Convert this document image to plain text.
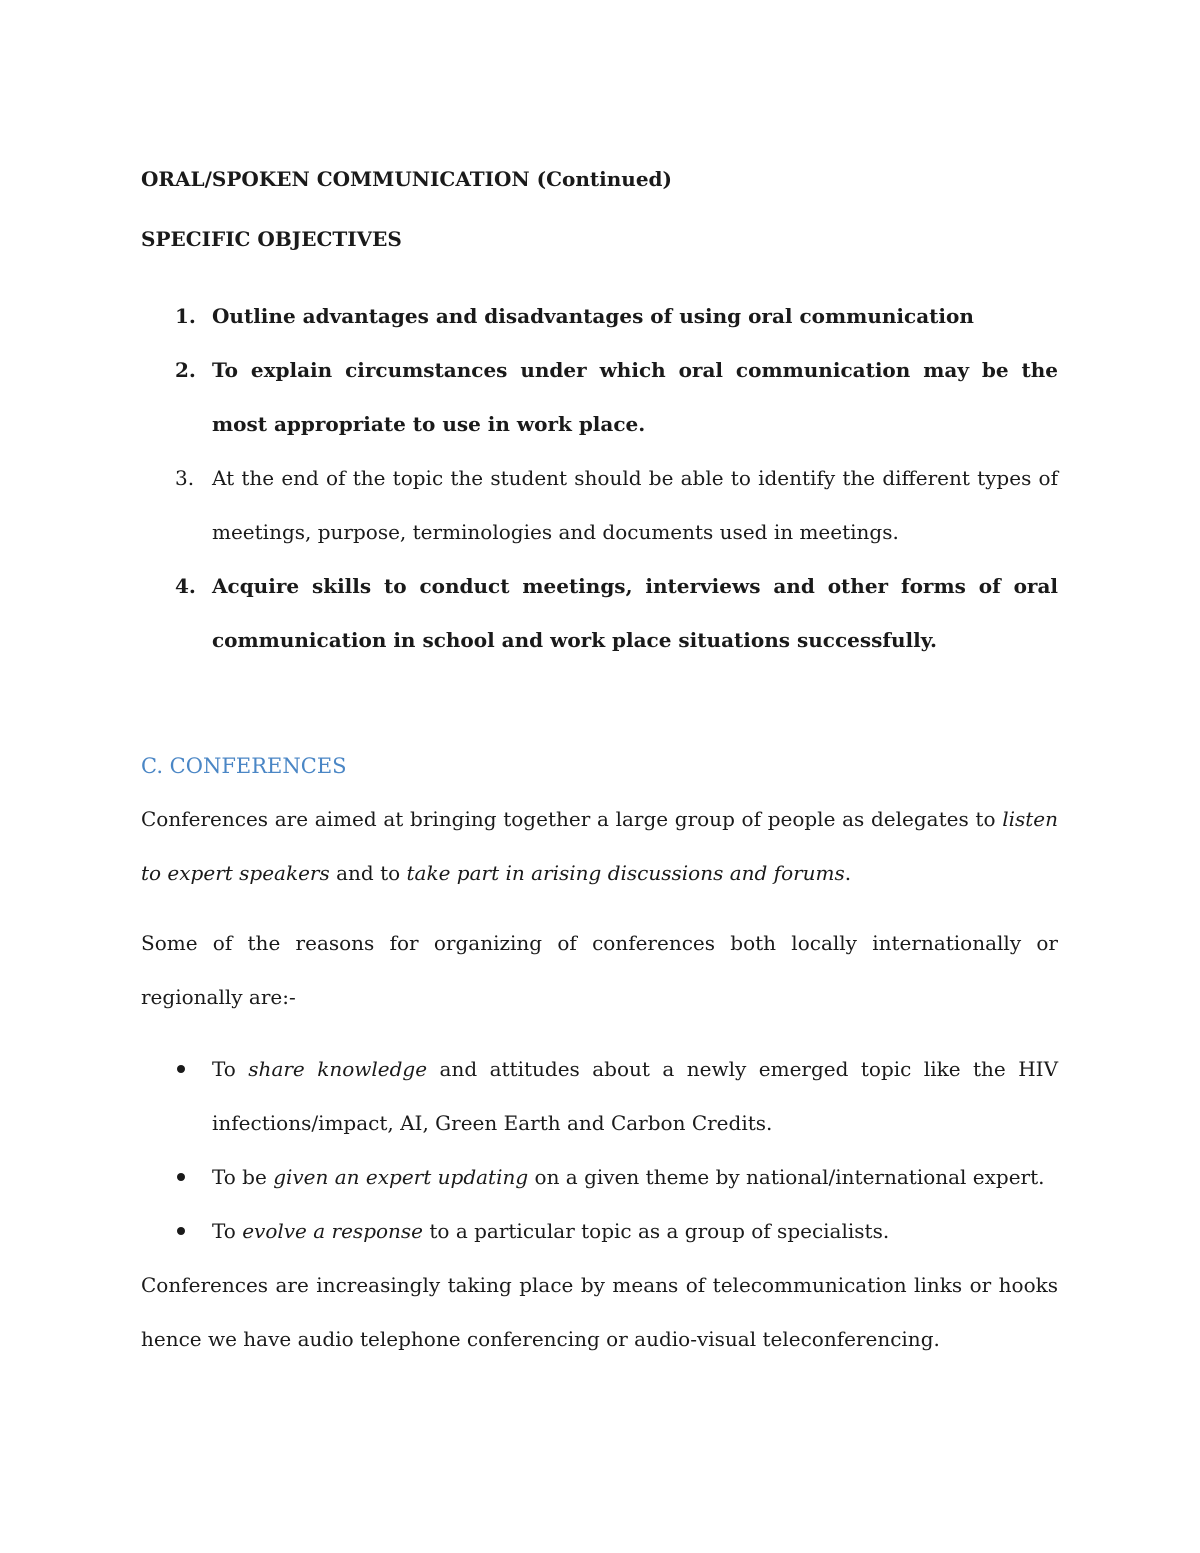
ORAL/SPOKEN COMMUNICATION (Continued)

SPECIFIC OBJECTIVES

1. Outline advantages and disadvantages of using oral communication
2. To explain circumstances under which oral communication may be the most appropriate to use in work place.
3. At the end of the topic the student should be able to identify the different types of meetings, purpose, terminologies and documents used in meetings.
4. Acquire skills to conduct meetings, interviews and other forms of oral communication in school and work place situations successfully.

C. CONFERENCES

Conferences are aimed at bringing together a large group of people as delegates to listen to expert speakers and to take part in arising discussions and forums.

Some of the reasons for organizing of conferences both locally internationally or regionally are:-

To share knowledge and attitudes about a newly emerged topic like the HIV infections/impact, AI, Green Earth and Carbon Credits.
To be given an expert updating on a given theme by national/international expert.
To evolve a response to a particular topic as a group of specialists.

Conferences are increasingly taking place by means of telecommunication links or hooks hence we have audio telephone conferencing or audio-visual teleconferencing.
